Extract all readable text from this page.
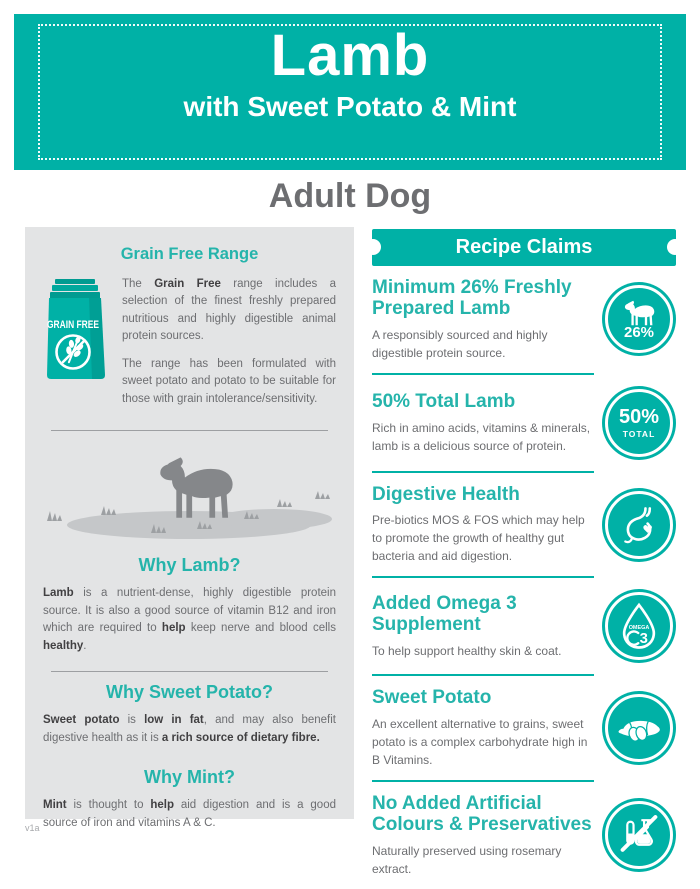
Lamb
with Sweet Potato & Mint
Adult Dog
Grain Free Range
GRAIN FREE

The Grain Free range includes a selection of the finest freshly prepared nutritious and highly digestible animal protein sources.

The range has been formulated with sweet potato and potato to be suitable for those with grain intolerance/sensitivity.

Why Lamb?

Lamb is a nutrient-dense, highly digestible protein source. It is also a good source of vitamin B12 and iron which are required to help keep nerve and blood cells healthy.

Why Sweet Potato?

Sweet potato is low in fat, and may also benefit digestive health as it is a rich source of dietary fibre.

Why Mint?

Mint is thought to help aid digestion and is a good source of iron and vitamins A & C.

Recipe Claims
Minimum 26% Freshly Prepared Lamb
A responsibly sourced and highly digestible protein source.
26%
50% Total Lamb
Rich in amino acids, vitamins & minerals, lamb is a delicious source of protein.
50%
TOTAL
Digestive Health
Pre-biotics MOS & FOS which may help to promote the growth of healthy gut bacteria and aid digestion.
Added Omega 3 Supplement
To help support healthy skin & coat.
OMEGA
3
Sweet Potato
An excellent alternative to grains, sweet potato is a complex carbohydrate high in B Vitamins.
No Added Artificial Colours & Preservatives
Naturally preserved using rosemary extract.
v1a
